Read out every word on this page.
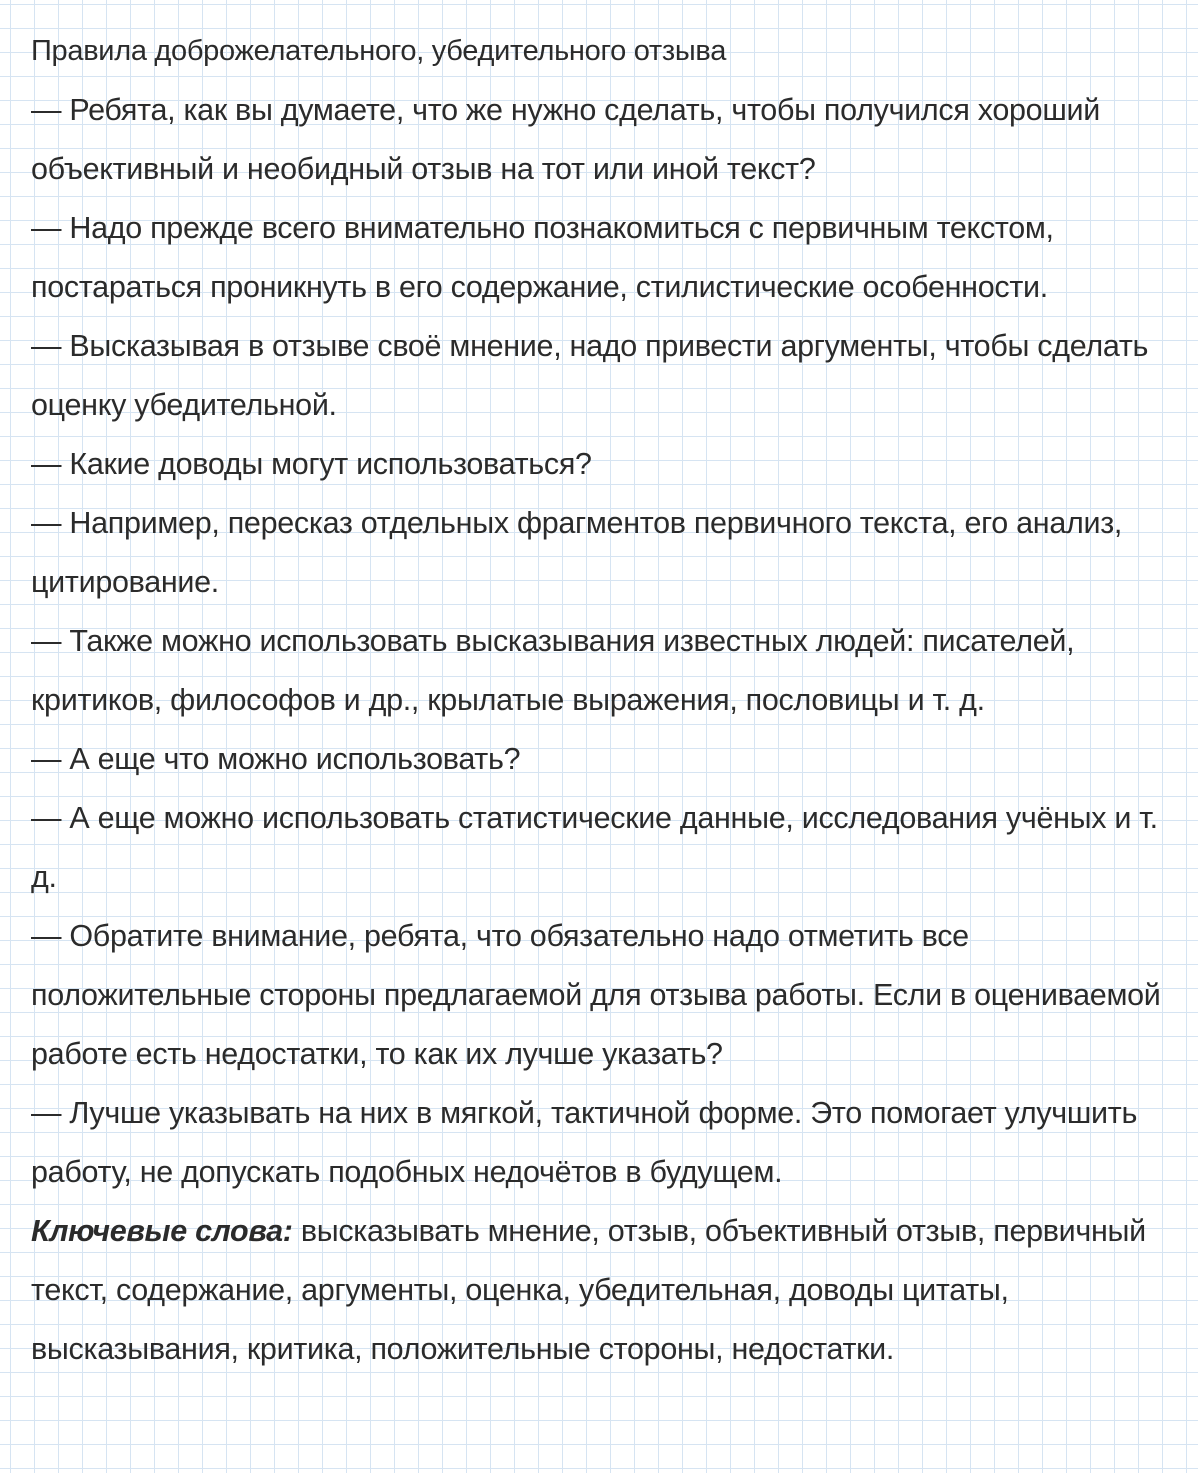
Правила доброжелательного, убедительного отзыва

— Ребята, как вы думаете, что же нужно сделать, чтобы получился хороший объективный и необидный отзыв на тот или иной текст?

— Надо прежде всего внимательно познакомиться с первичным текстом, постараться проникнуть в его содержание, стилистические особенности.

— Высказывая в отзыве своё мнение, надо привести аргументы, чтобы сделать оценку убедительной.

— Какие доводы могут использоваться?

— Например, пересказ отдельных фрагментов первичного текста, его анализ, цитирование.

— Также можно использовать высказывания известных людей: писателей, критиков, философов и др., крылатые выражения, пословицы и т. д.

— А еще что можно использовать?

— А еще можно использовать статистические данные, исследования учёных и т. д.

— Обратите внимание, ребята, что обязательно надо отметить все положительные стороны предлагаемой для отзыва работы. Если в оцениваемой работе есть недостатки, то как их лучше указать?

— Лучше указывать на них в мягкой, тактичной форме. Это помогает улучшить работу, не допускать подобных недочётов в будущем.

Ключевые слова: высказывать мнение, отзыв, объективный отзыв, первичный текст, содержание, аргументы, оценка, убедительная, доводы цитаты, высказывания, критика, положительные стороны, недостатки.
